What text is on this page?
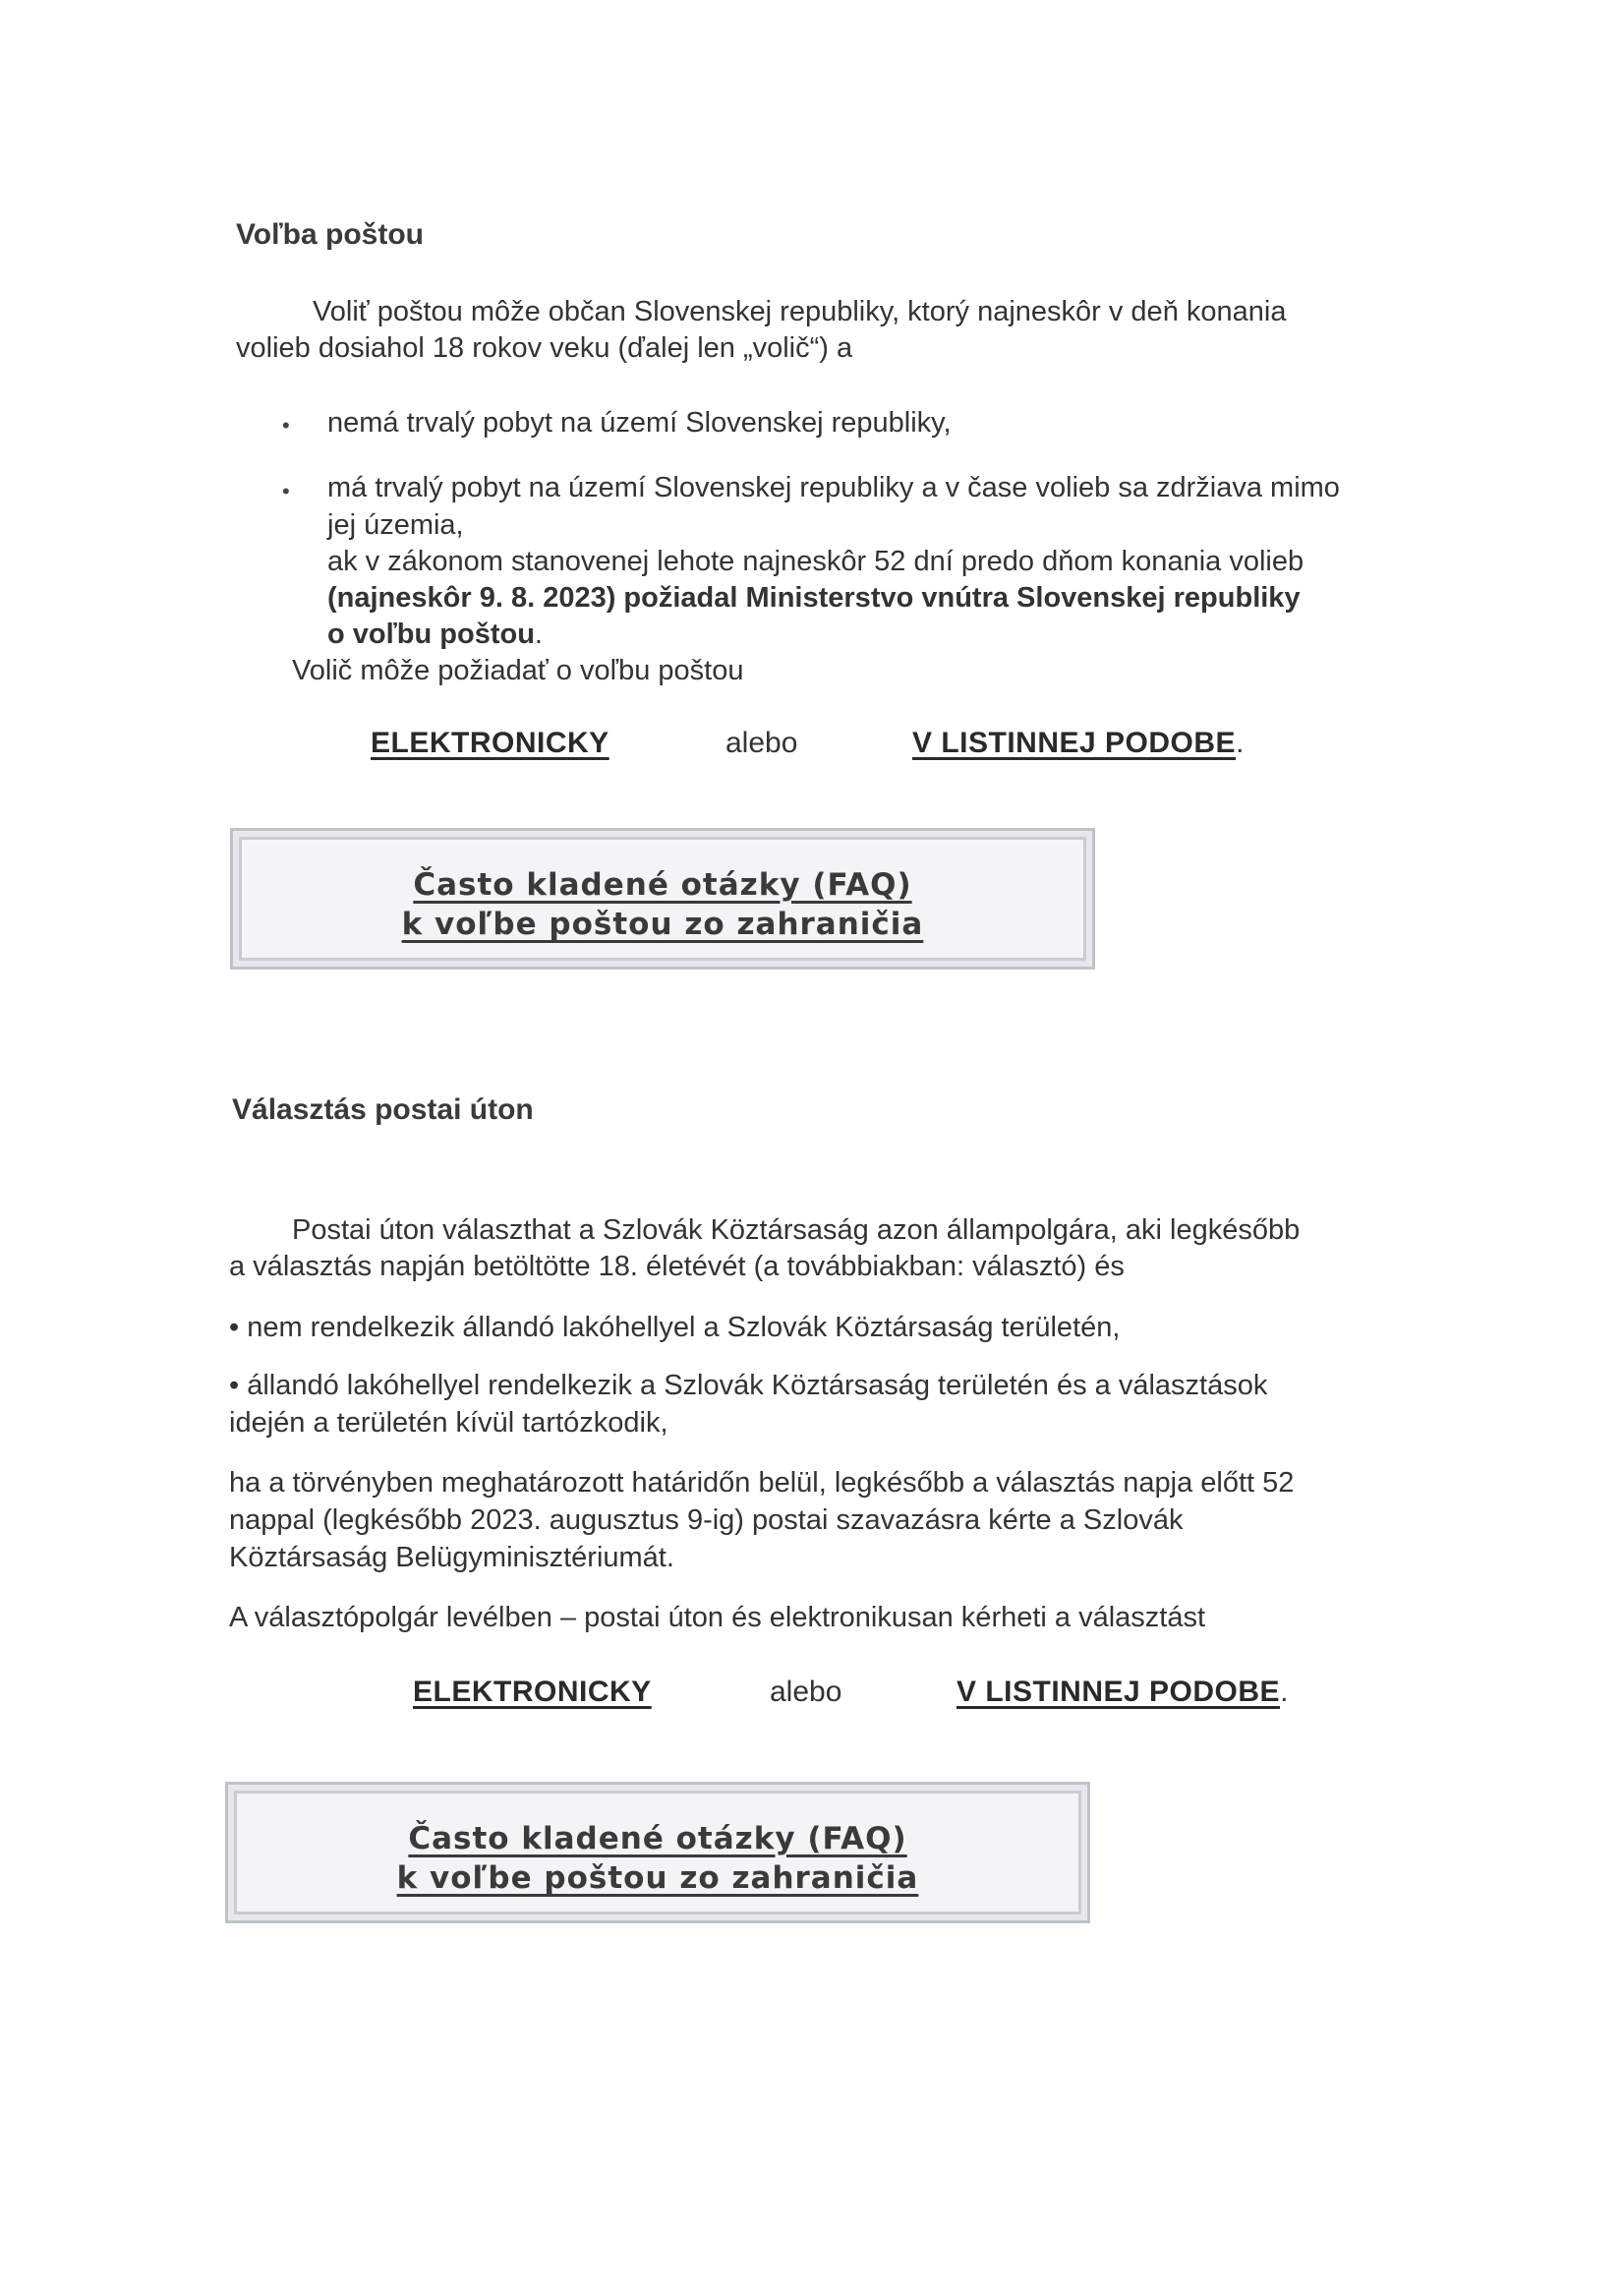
Voľba poštou
Voliť poštou môže občan Slovenskej republiky, ktorý najneskôr v deň konania
volieb dosiahol 18 rokov veku (ďalej len „volič“) a
• nemá trvalý pobyt na území Slovenskej republiky,
• má trvalý pobyt na území Slovenskej republiky a v čase volieb sa zdržiava mimo
jej územia,
ak v zákonom stanovenej lehote najneskôr 52 dní predo dňom konania volieb
(najneskôr 9. 8. 2023) požiadal Ministerstvo vnútra Slovenskej republiky
o voľbu poštou.
Volič môže požiadať o voľbu poštou
ELEKTRONICKY	alebo	V LISTINNEJ PODOBE.
Často kladené otázky (FAQ)
k voľbe poštou zo zahraničia
Választás postai úton
Postai úton választhat a Szlovák Köztársaság azon állampolgára, aki legkésőbb
a választás napján betöltötte 18. életévét (a továbbiakban: választó) és
• nem rendelkezik állandó lakóhellyel a Szlovák Köztársaság területén,
• állandó lakóhellyel rendelkezik a Szlovák Köztársaság területén és a választások
idején a területén kívül tartózkodik,
ha a törvényben meghatározott határidőn belül, legkésőbb a választás napja előtt 52
nappal (legkésőbb 2023. augusztus 9-ig) postai szavazásra kérte a Szlovák
Köztársaság Belügyminisztériumát.
A választópolgár levélben – postai úton és elektronikusan kérheti a választást
ELEKTRONICKY	alebo	V LISTINNEJ PODOBE.
Často kladené otázky (FAQ)
k voľbe poštou zo zahraničia
